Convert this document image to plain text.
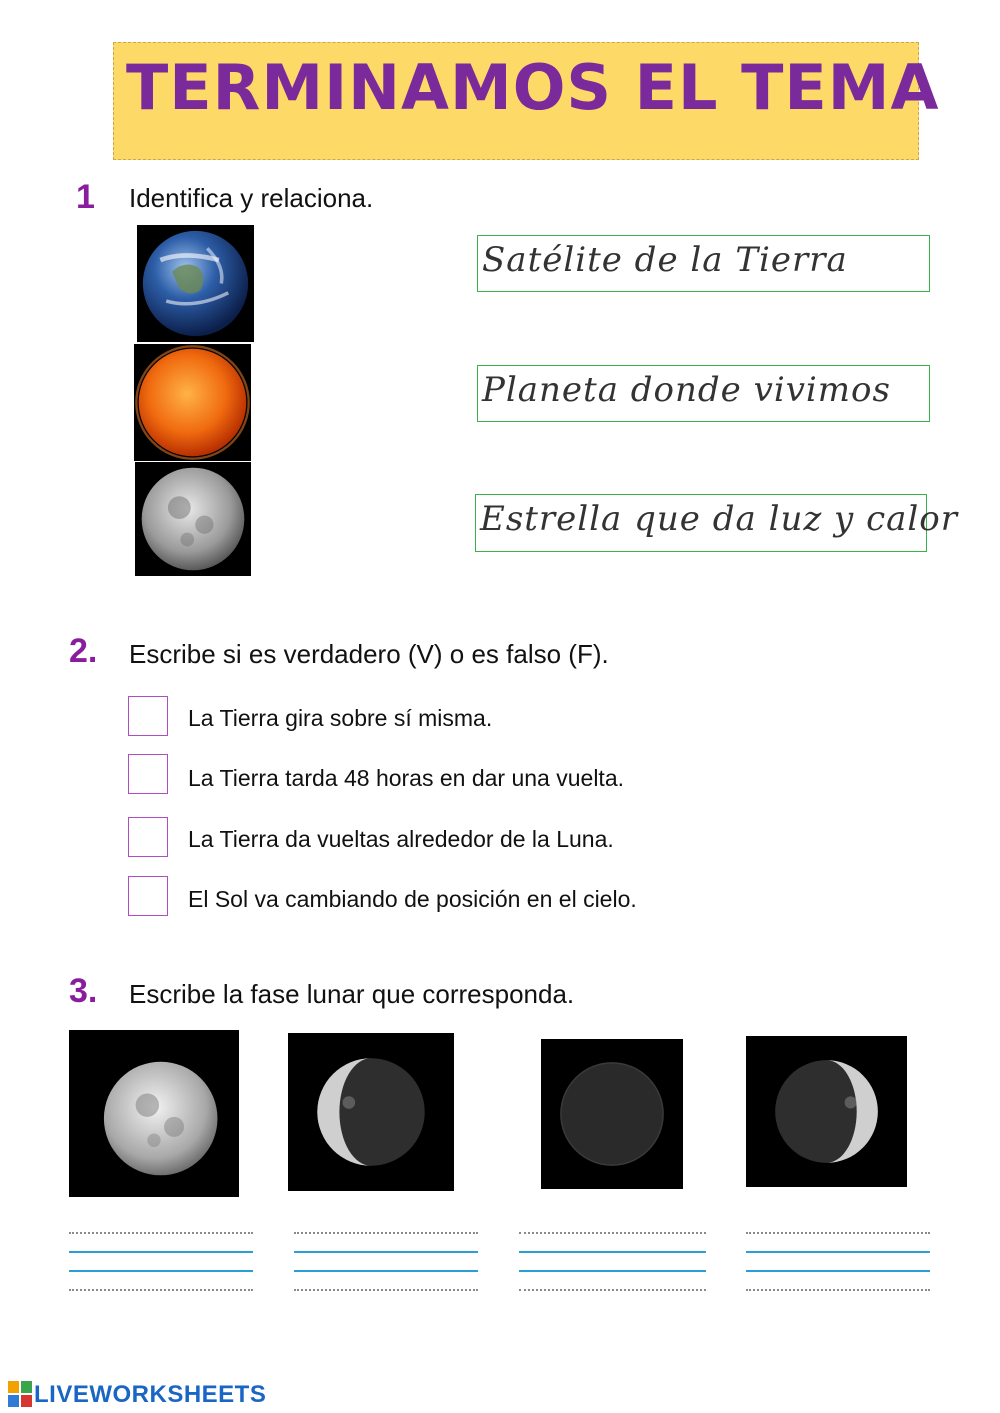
TERMINAMOS EL TEMA
1 Identifica y relaciona.
Satélite de la Tierra
Planeta donde vivimos
Estrella que da luz y calor
2. Escribe si es verdadero (V) o es falso (F).
La Tierra gira sobre sí misma.
La Tierra tarda 48 horas en dar una vuelta.
La Tierra da vueltas alrededor de la Luna.
El Sol va cambiando de posición en el cielo.
3. Escribe la fase lunar que corresponda.
LIVEWORKSHEETS
